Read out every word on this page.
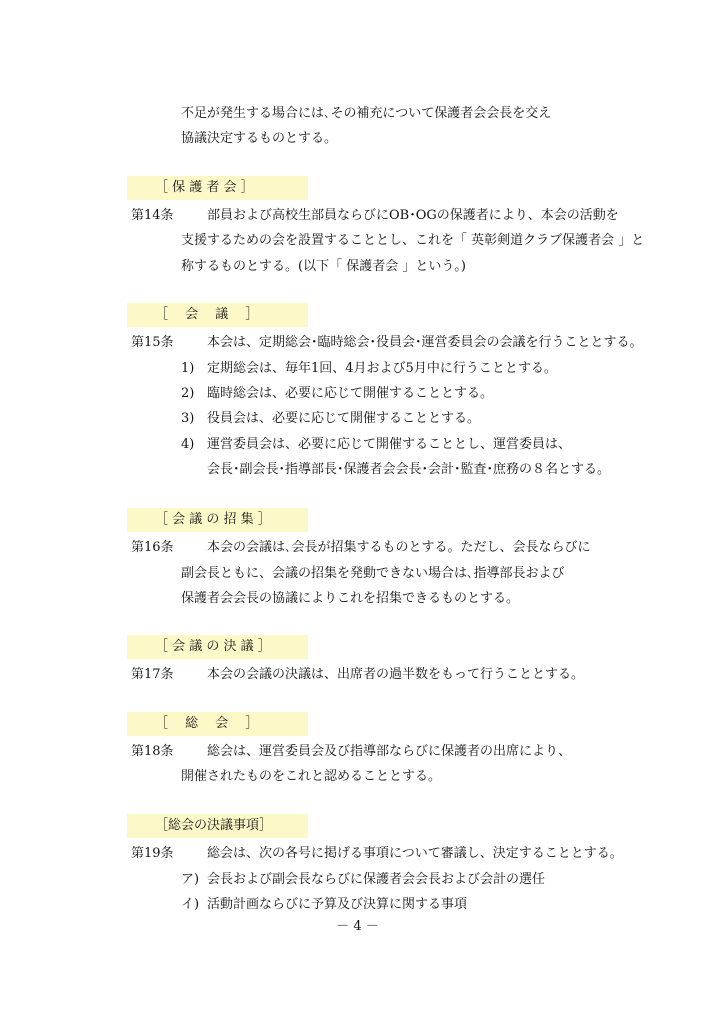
不足が発生する場合には､その補充について保護者会会長を交え
協議決定するものとする。
［ 保 護 者 会 ］
第14条	部員および高校生部員ならびにOB･OGの保護者により、本会の活動を
支援するための会を設置することとし、これを「 英彰剣道クラブ保護者会 」と
称するものとする。(以下「 保護者会 」という。)
［　 会　 議 　］
第15条	本会は、定期総会･臨時総会･役員会･運営委員会の会議を行うこととする。
1) 定期総会は、毎年1回、4月および5月中に行うこととする。
2) 臨時総会は、必要に応じて開催することとする。
3) 役員会は、必要に応じて開催することとする。
4) 運営委員会は、必要に応じて開催することとし、運営委員は、
会長･副会長･指導部長･保護者会会長･会計･監査･庶務の８名とする。
［ 会 議 の 招 集 ］
第16条	本会の会議は､会長が招集するものとする。ただし、会長ならびに
副会長ともに、会議の招集を発動できない場合は､指導部長および
保護者会会長の協議によりこれを招集できるものとする。
［ 会 議 の 決 議 ］
第17条	本会の会議の決議は、出席者の過半数をもって行うこととする。
［　 総 　会 　］
第18条	総会は、運営委員会及び指導部ならびに保護者の出席により、
開催されたものをこれと認めることとする。
［総会の決議事項］
第19条	総会は、次の各号に掲げる事項について審議し、決定することとする。
ア) 会長および副会長ならびに保護者会会長および会計の選任
イ) 活動計画ならびに予算及び決算に関する事項
－ 4 －
